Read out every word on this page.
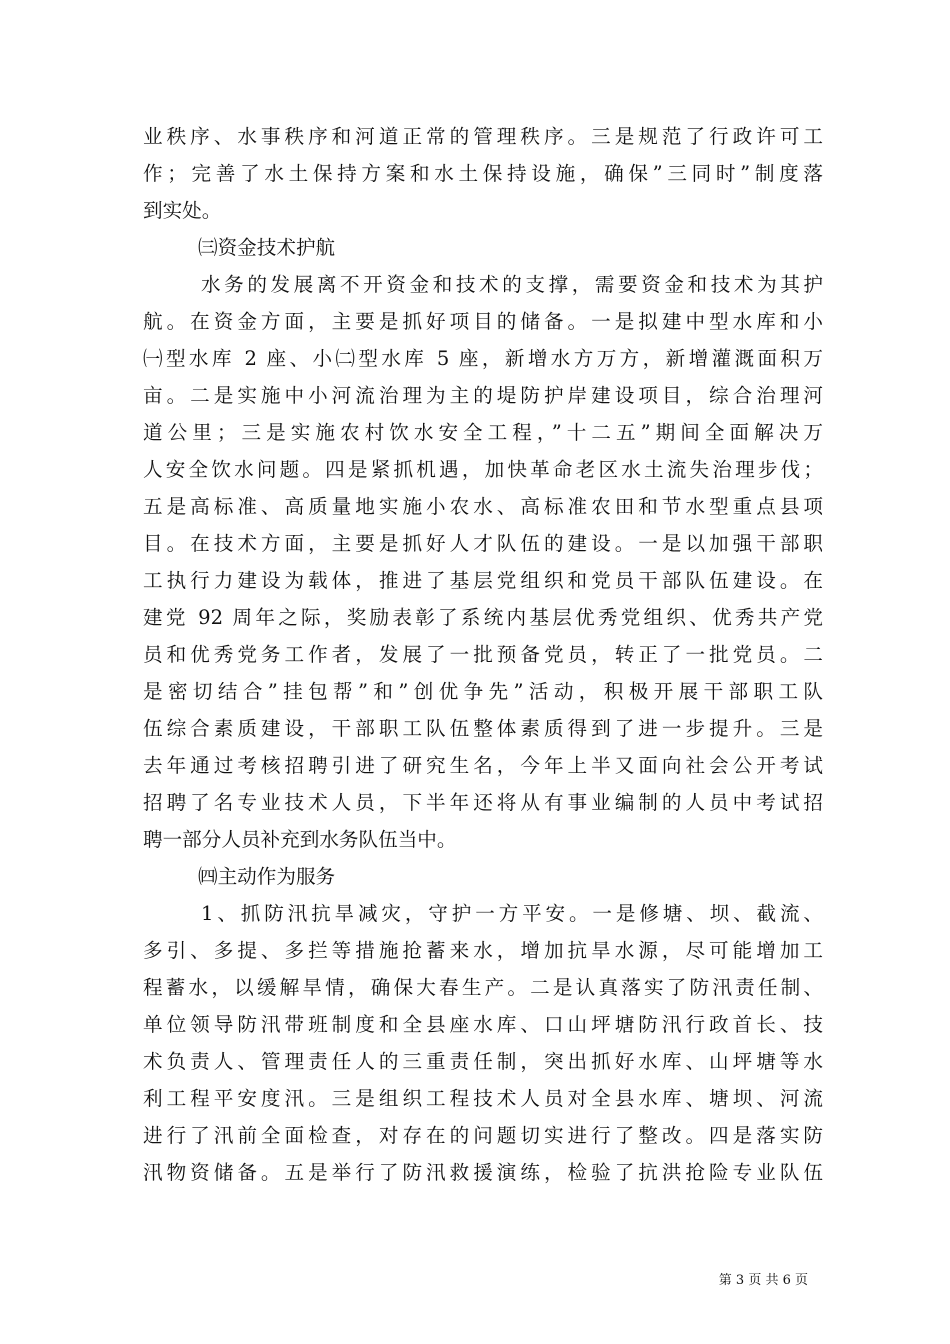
业秩序、水事秩序和河道正常的管理秩序。三是规范了行政许可工
作；完善了水土保持方案和水土保持设施，确保”三同时”制度落
到实处。
㈢资金技术护航
水务的发展离不开资金和技术的支撑，需要资金和技术为其护
航。在资金方面，主要是抓好项目的储备。一是拟建中型水库和小
㈠型水库 2 座、小㈡型水库 5 座，新增水方万方，新增灌溉面积万
亩。二是实施中小河流治理为主的堤防护岸建设项目，综合治理河
道公里；三是实施农村饮水安全工程，”十二五”期间全面解决万
人安全饮水问题。四是紧抓机遇，加快革命老区水土流失治理步伐；
五是高标准、高质量地实施小农水、高标准农田和节水型重点县项
目。在技术方面，主要是抓好人才队伍的建设。一是以加强干部职
工执行力建设为载体，推进了基层党组织和党员干部队伍建设。在
建党 92 周年之际，奖励表彰了系统内基层优秀党组织、优秀共产党
员和优秀党务工作者，发展了一批预备党员，转正了一批党员。二
是密切结合”挂包帮”和”创优争先”活动，积极开展干部职工队
伍综合素质建设，干部职工队伍整体素质得到了进一步提升。三是
去年通过考核招聘引进了研究生名，今年上半又面向社会公开考试
招聘了名专业技术人员，下半年还将从有事业编制的人员中考试招
聘一部分人员补充到水务队伍当中。
㈣主动作为服务
1、抓防汛抗旱减灾，守护一方平安。一是修塘、坝、截流、
多引、多提、多拦等措施抢蓄来水，增加抗旱水源，尽可能增加工
程蓄水，以缓解旱情，确保大春生产。二是认真落实了防汛责任制、
单位领导防汛带班制度和全县座水库、口山坪塘防汛行政首长、技
术负责人、管理责任人的三重责任制，突出抓好水库、山坪塘等水
利工程平安度汛。三是组织工程技术人员对全县水库、塘坝、河流
进行了汛前全面检查，对存在的问题切实进行了整改。四是落实防
汛物资储备。五是举行了防汛救援演练，检验了抗洪抢险专业队伍
第 3 页 共 6 页
